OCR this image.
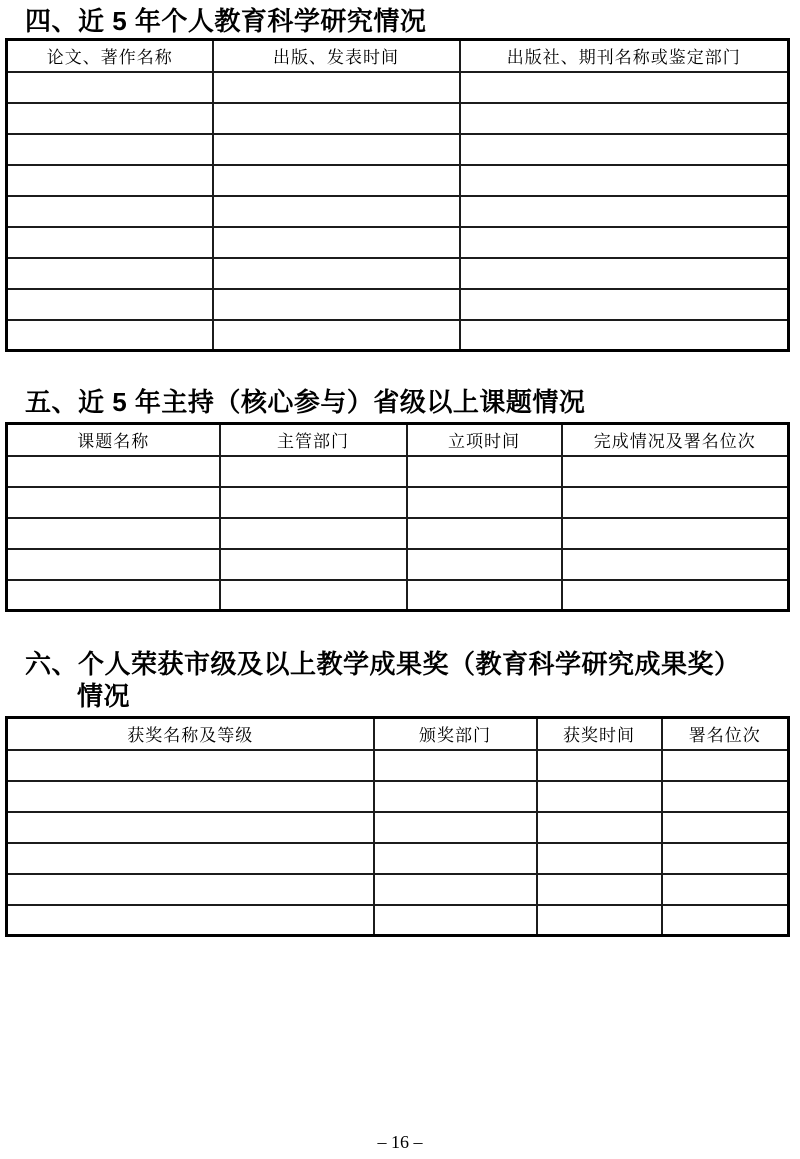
四、近 5 年个人教育科学研究情况
论文、著作名称	出版、发表时间	出版社、期刊名称或鉴定部门

五、近 5 年主持（核心参与）省级以上课题情况
课题名称	主管部门	立项时间	完成情况及署名位次

六、个人荣获市级及以上教学成果奖（教育科学研究成果奖）
情况
获奖名称及等级	颁奖部门	获奖时间	署名位次

– 16 –
